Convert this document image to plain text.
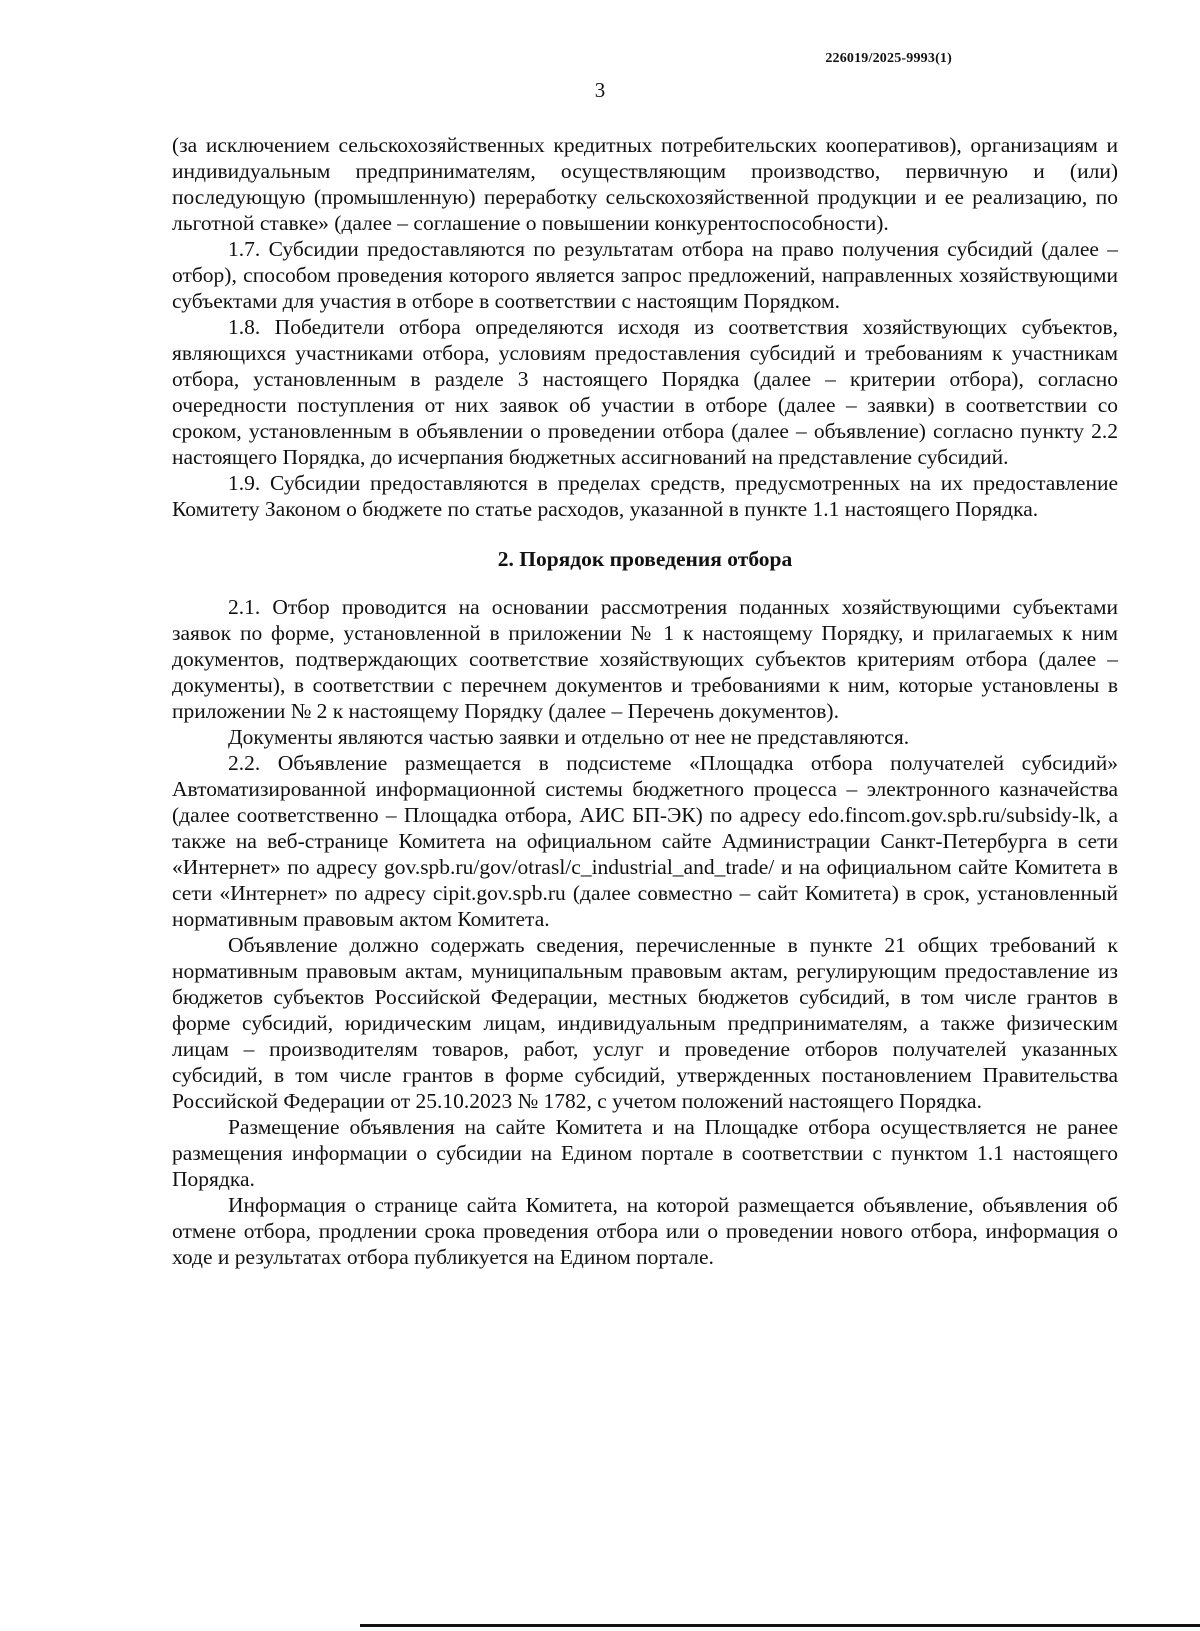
226019/2025-9993(1)
3

(за исключением сельскохозяйственных кредитных потребительских кооперативов), организациям и индивидуальным предпринимателям, осуществляющим производство, первичную и (или) последующую (промышленную) переработку сельскохозяйственной продукции и ее реализацию, по льготной ставке» (далее – соглашение о повышении конкурентоспособности).

1.7. Субсидии предоставляются по результатам отбора на право получения субсидий (далее – отбор), способом проведения которого является запрос предложений, направленных хозяйствующими субъектами для участия в отборе в соответствии с настоящим Порядком.

1.8. Победители отбора определяются исходя из соответствия хозяйствующих субъектов, являющихся участниками отбора, условиям предоставления субсидий и требованиям к участникам отбора, установленным в разделе 3 настоящего Порядка (далее – критерии отбора), согласно очередности поступления от них заявок об участии в отборе (далее – заявки) в соответствии со сроком, установленным в объявлении о проведении отбора (далее – объявление) согласно пункту 2.2 настоящего Порядка, до исчерпания бюджетных ассигнований на представление субсидий.

1.9. Субсидии предоставляются в пределах средств, предусмотренных на их предоставление Комитету Законом о бюджете по статье расходов, указанной в пункте 1.1 настоящего Порядка.

2. Порядок проведения отбора

2.1. Отбор проводится на основании рассмотрения поданных хозяйствующими субъектами заявок по форме, установленной в приложении № 1 к настоящему Порядку, и прилагаемых к ним документов, подтверждающих соответствие хозяйствующих субъектов критериям отбора (далее – документы), в соответствии с перечнем документов и требованиями к ним, которые установлены в приложении № 2 к настоящему Порядку (далее – Перечень документов).

Документы являются частью заявки и отдельно от нее не представляются.

2.2. Объявление размещается в подсистеме «Площадка отбора получателей субсидий» Автоматизированной информационной системы бюджетного процесса – электронного казначейства (далее соответственно – Площадка отбора, АИС БП-ЭК) по адресу edo.fincom.gov.spb.ru/subsidy-lk, а также на веб-странице Комитета на официальном сайте Администрации Санкт-Петербурга в сети «Интернет» по адресу gov.spb.ru/gov/otrasl/c_industrial_and_trade/ и на официальном сайте Комитета в сети «Интернет» по адресу cipit.gov.spb.ru (далее совместно – сайт Комитета) в срок, установленный нормативным правовым актом Комитета.

Объявление должно содержать сведения, перечисленные в пункте 21 общих требований к нормативным правовым актам, муниципальным правовым актам, регулирующим предоставление из бюджетов субъектов Российской Федерации, местных бюджетов субсидий, в том числе грантов в форме субсидий, юридическим лицам, индивидуальным предпринимателям, а также физическим лицам – производителям товаров, работ, услуг и проведение отборов получателей указанных субсидий, в том числе грантов в форме субсидий, утвержденных постановлением Правительства Российской Федерации от 25.10.2023 № 1782, с учетом положений настоящего Порядка.

Размещение объявления на сайте Комитета и на Площадке отбора осуществляется не ранее размещения информации о субсидии на Едином портале в соответствии с пунктом 1.1 настоящего Порядка.

Информация о странице сайта Комитета, на которой размещается объявление, объявления об отмене отбора, продлении срока проведения отбора или о проведении нового отбора, информация о ходе и результатах отбора публикуется на Едином портале.
